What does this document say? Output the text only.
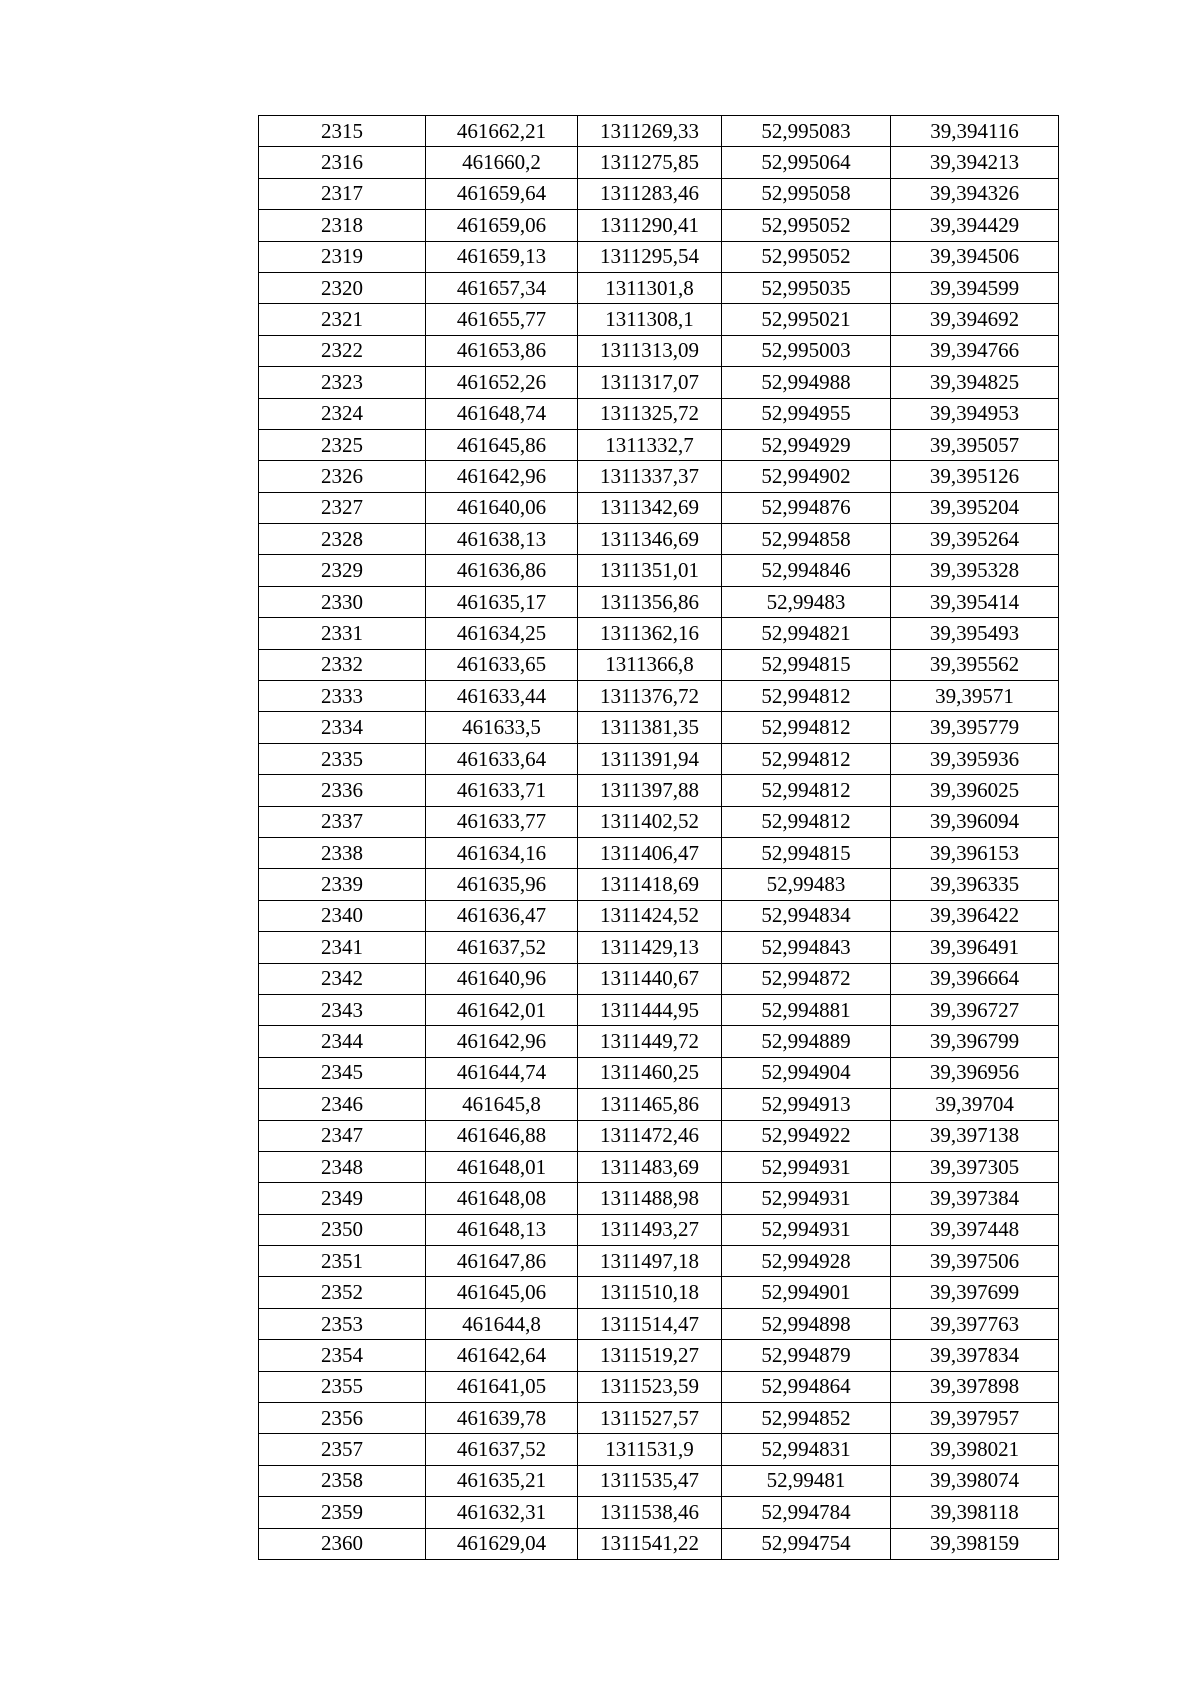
2315	461662,21	1311269,33	52,995083	39,394116
2316	461660,2	1311275,85	52,995064	39,394213
2317	461659,64	1311283,46	52,995058	39,394326
2318	461659,06	1311290,41	52,995052	39,394429
2319	461659,13	1311295,54	52,995052	39,394506
2320	461657,34	1311301,8	52,995035	39,394599
2321	461655,77	1311308,1	52,995021	39,394692
2322	461653,86	1311313,09	52,995003	39,394766
2323	461652,26	1311317,07	52,994988	39,394825
2324	461648,74	1311325,72	52,994955	39,394953
2325	461645,86	1311332,7	52,994929	39,395057
2326	461642,96	1311337,37	52,994902	39,395126
2327	461640,06	1311342,69	52,994876	39,395204
2328	461638,13	1311346,69	52,994858	39,395264
2329	461636,86	1311351,01	52,994846	39,395328
2330	461635,17	1311356,86	52,99483	39,395414
2331	461634,25	1311362,16	52,994821	39,395493
2332	461633,65	1311366,8	52,994815	39,395562
2333	461633,44	1311376,72	52,994812	39,39571
2334	461633,5	1311381,35	52,994812	39,395779
2335	461633,64	1311391,94	52,994812	39,395936
2336	461633,71	1311397,88	52,994812	39,396025
2337	461633,77	1311402,52	52,994812	39,396094
2338	461634,16	1311406,47	52,994815	39,396153
2339	461635,96	1311418,69	52,99483	39,396335
2340	461636,47	1311424,52	52,994834	39,396422
2341	461637,52	1311429,13	52,994843	39,396491
2342	461640,96	1311440,67	52,994872	39,396664
2343	461642,01	1311444,95	52,994881	39,396727
2344	461642,96	1311449,72	52,994889	39,396799
2345	461644,74	1311460,25	52,994904	39,396956
2346	461645,8	1311465,86	52,994913	39,39704
2347	461646,88	1311472,46	52,994922	39,397138
2348	461648,01	1311483,69	52,994931	39,397305
2349	461648,08	1311488,98	52,994931	39,397384
2350	461648,13	1311493,27	52,994931	39,397448
2351	461647,86	1311497,18	52,994928	39,397506
2352	461645,06	1311510,18	52,994901	39,397699
2353	461644,8	1311514,47	52,994898	39,397763
2354	461642,64	1311519,27	52,994879	39,397834
2355	461641,05	1311523,59	52,994864	39,397898
2356	461639,78	1311527,57	52,994852	39,397957
2357	461637,52	1311531,9	52,994831	39,398021
2358	461635,21	1311535,47	52,99481	39,398074
2359	461632,31	1311538,46	52,994784	39,398118
2360	461629,04	1311541,22	52,994754	39,398159
